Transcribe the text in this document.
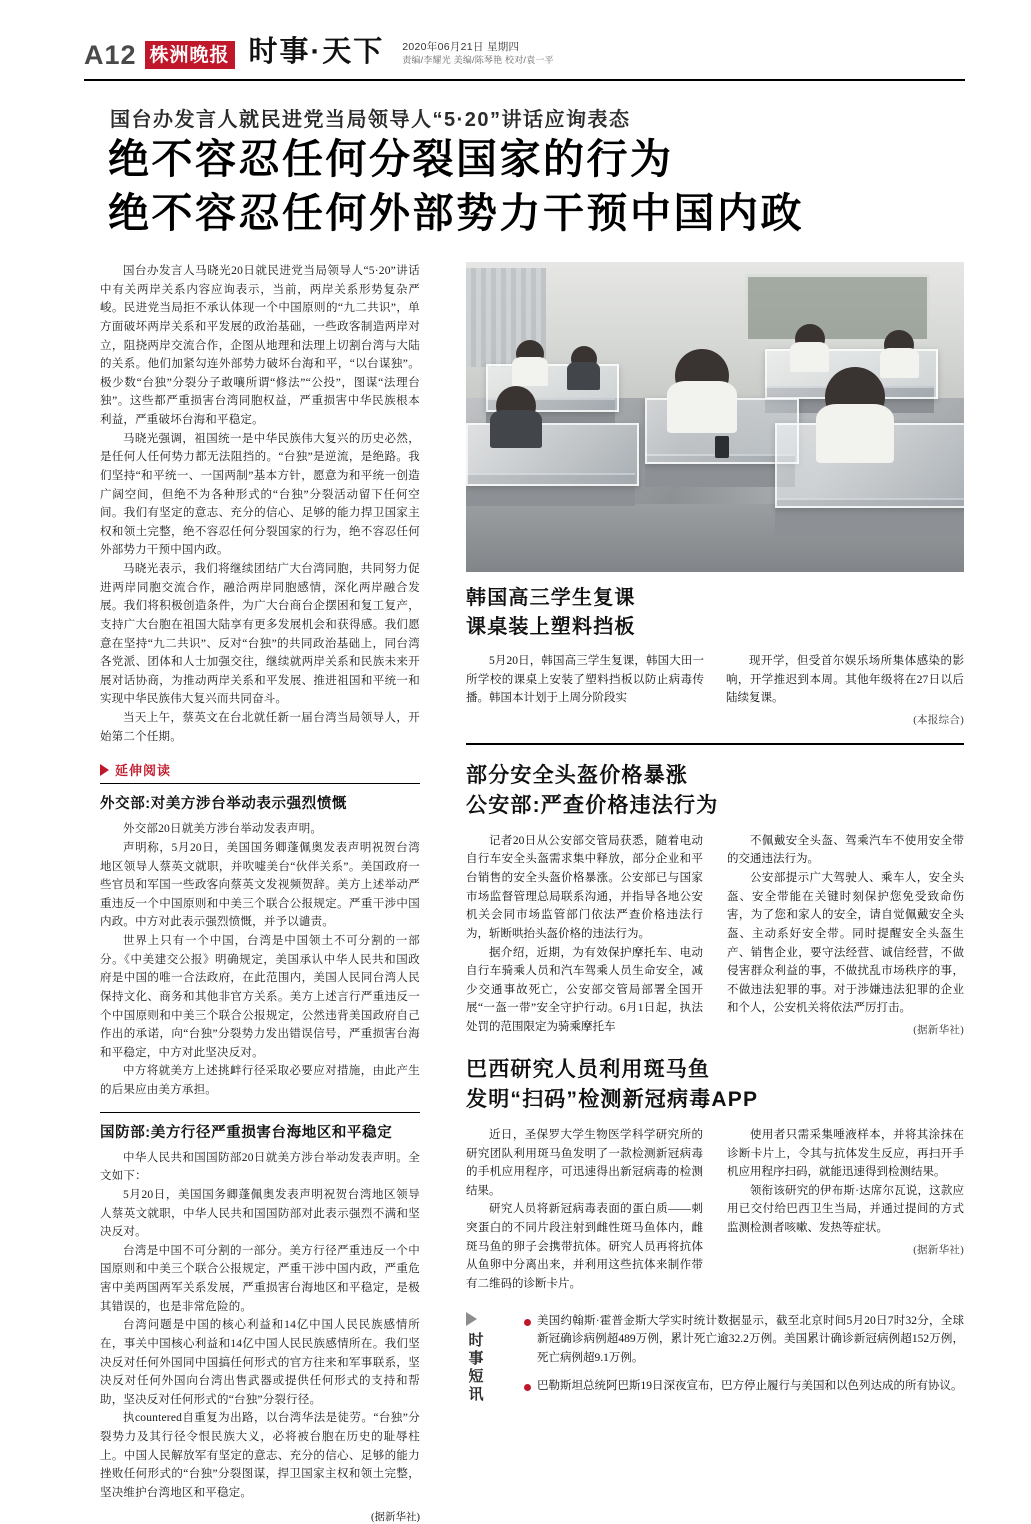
A12 株洲晚报 时事·天下 2020年06月21日 星期四
责编/李耀光 美编/陈琴艳 校对/袁一平
国台办发言人就民进党当局领导人“5·20”讲话应询表态
绝不容忍任何分裂国家的行为
绝不容忍任何外部势力干预中国内政

国台办发言人马晓光20日就民进党当局领导人“5·20”讲话中有关两岸关系内容应询表示，当前，两岸关系形势复杂严峻。民进党当局拒不承认体现一个中国原则的“九二共识”，单方面破坏两岸关系和平发展的政治基础，一些政客制造两岸对立，阻挠两岸交流合作，企图从地理和法理上切割台湾与大陆的关系。他们加紧勾连外部势力破坏台海和平，“以台谋独”。极少数“台独”分裂分子敢嚷所谓“修法”“公投”，图谋“法理台独”。这些都严重损害台湾同胞权益，严重损害中华民族根本利益，严重破坏台海和平稳定。

马晓光强调，祖国统一是中华民族伟大复兴的历史必然，是任何人任何势力都无法阻挡的。“台独”是逆流，是绝路。我们坚持“和平统一、一国两制”基本方针，愿意为和平统一创造广阔空间，但绝不为各种形式的“台独”分裂活动留下任何空间。我们有坚定的意志、充分的信心、足够的能力捍卫国家主权和领土完整，绝不容忍任何分裂国家的行为，绝不容忍任何外部势力干预中国内政。

马晓光表示，我们将继续团结广大台湾同胞，共同努力促进两岸同胞交流合作，融洽两岸同胞感情，深化两岸融合发展。我们将积极创造条件，为广大台商台企摆困和复工复产，支持广大台胞在祖国大陆享有更多发展机会和获得感。我们愿意在坚持“九二共识”、反对“台独”的共同政治基础上，同台湾各党派、团体和人士加强交往，继续就两岸关系和民族未来开展对话协商，为推动两岸关系和平发展、推进祖国和平统一和实现中华民族伟大复兴而共同奋斗。

当天上午，蔡英文在台北就任新一届台湾当局领导人，开始第二个任期。

延伸阅读
外交部:对美方涉台举动表示强烈愤慨

外交部20日就美方涉台举动发表声明。

声明称，5月20日，美国国务卿蓬佩奥发表声明祝贺台湾地区领导人蔡英文就职，并吹嘘美台“伙伴关系”。美国政府一些官员和军国一些政客向蔡英文发视频贺辞。美方上述举动严重违反一个中国原则和中美三个联合公报规定。严重干涉中国内政。中方对此表示强烈愤慨，并予以谴责。

世界上只有一个中国，台湾是中国领土不可分割的一部分。《中美建交公报》明确规定，美国承认中华人民共和国政府是中国的唯一合法政府，在此范围内，美国人民同台湾人民保持文化、商务和其他非官方关系。美方上述言行严重违反一个中国原则和中美三个联合公报规定，公然违背美国政府自己作出的承诺，向“台独”分裂势力发出错误信号，严重损害台海和平稳定，中方对此坚决反对。

中方将就美方上述挑衅行径采取必要应对措施，由此产生的后果应由美方承担。

国防部:美方行径严重损害台海地区和平稳定

中华人民共和国国防部20日就美方涉台举动发表声明。全文如下：

5月20日，美国国务卿蓬佩奥发表声明祝贺台湾地区领导人蔡英文就职，中华人民共和国国防部对此表示强烈不满和坚决反对。

台湾是中国不可分割的一部分。美方行径严重违反一个中国原则和中美三个联合公报规定，严重干涉中国内政，严重危害中美两国两军关系发展，严重损害台海地区和平稳定，是极其错误的，也是非常危险的。

台湾问题是中国的核心利益和14亿中国人民民族感情所在，事关中国核心利益和14亿中国人民民族感情所在。我们坚决反对任何外国同中国搞任何形式的官方往来和军事联系，坚决反对任何外国向台湾出售武器或提供任何形式的支持和帮助，坚决反对任何形式的“台独”分裂行径。

执countered自重复为出路，以台湾华法是徒劳。“台独”分裂势力及其行径令恨民族大义，必将被台胞在历史的耻辱柱上。中国人民解放军有坚定的意志、充分的信心、足够的能力挫败任何形式的“台独”分裂图谋，捍卫国家主权和领土完整，坚决维护台湾地区和平稳定。

(据新华社)
韩国高三学生复课
课桌装上塑料挡板

5月20日，韩国高三学生复课，韩国大田一所学校的课桌上安装了塑料挡板以防止病毒传播。韩国本计划于上周分阶段实

现开学，但受首尔娱乐场所集体感染的影响，开学推迟到本周。其他年级将在27日以后陆续复课。

(本报综合)
部分安全头盔价格暴涨
公安部:严查价格违法行为

记者20日从公安部交管局获悉，随着电动自行车安全头盔需求集中释放，部分企业和平台销售的安全头盔价格暴涨。公安部已与国家市场监督管理总局联系沟通，并指导各地公安机关会同市场监管部门依法严查价格违法行为，斩断哄抬头盔价格的违法行为。

据介绍，近期，为有效保护摩托车、电动自行车骑乘人员和汽车驾乘人员生命安全，减少交通事故死亡，公安部交管局部署全国开展“一盔一带”安全守护行动。6月1日起，执法处罚的范围限定为骑乘摩托车

不佩戴安全头盔、驾乘汽车不使用安全带的交通违法行为。

公安部提示广大驾驶人、乘车人，安全头盔、安全带能在关键时刻保护您免受致命伤害，为了您和家人的安全，请自觉佩戴安全头盔、主动系好安全带。同时提醒安全头盔生产、销售企业，要守法经营、诚信经营，不做侵害群众利益的事，不做扰乱市场秩序的事，不做违法犯罪的事。对于涉嫌违法犯罪的企业和个人，公安机关将依法严厉打击。

(据新华社)
巴西研究人员利用斑马鱼
发明“扫码”检测新冠病毒APP

近日，圣保罗大学生物医学科学研究所的研究团队利用斑马鱼发明了一款检测新冠病毒的手机应用程序，可迅速得出新冠病毒的检测结果。

研究人员将新冠病毒表面的蛋白质——刺突蛋白的不同片段注射到雌性斑马鱼体内，雌斑马鱼的卵子会携带抗体。研究人员再将抗体从鱼卵中分离出来，并利用这些抗体来制作带有二维码的诊断卡片。

使用者只需采集唾液样本，并将其涂抹在诊断卡片上，令其与抗体发生反应，再扫开手机应用程序扫码，就能迅速得到检测结果。

领衔该研究的伊布斯·达席尔瓦说，这款应用已交付给巴西卫生当局，并通过提间的方式监测检测者咳嗽、发热等症状。

(据新华社)
时事短讯
美国约翰斯·霍普金斯大学实时统计数据显示，截至北京时间5月20日7时32分，全球新冠确诊病例超489万例，累计死亡逾32.2万例。美国累计确诊新冠病例超152万例，死亡病例超9.1万例。
巴勒斯坦总统阿巴斯19日深夜宣布，巴方停止履行与美国和以色列达成的所有协议。
